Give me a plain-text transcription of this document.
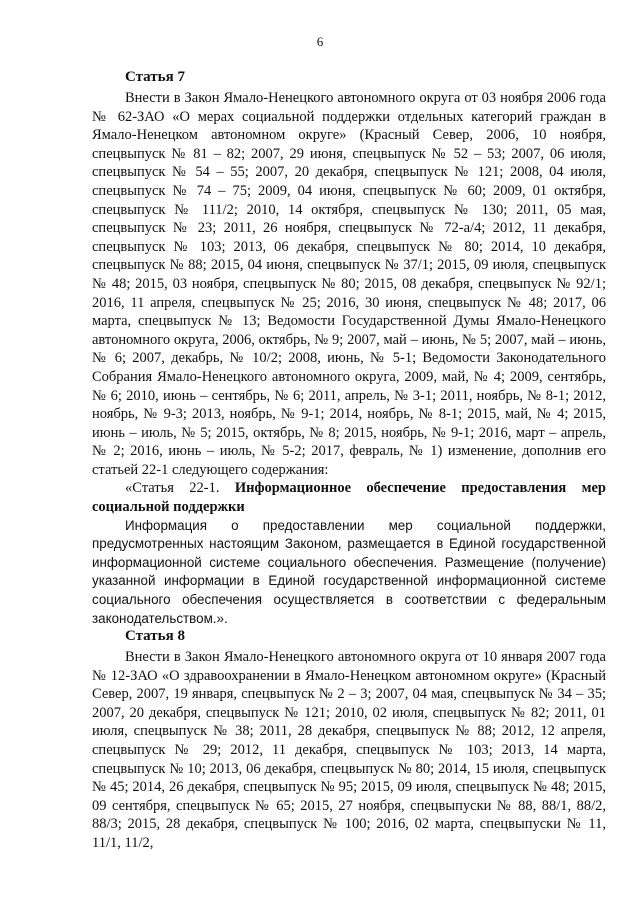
6
Статья 7

Внести в Закон Ямало-Ненецкого автономного округа от 03 ноября 2006 года № 62-ЗАО «О мерах социальной поддержки отдельных категорий граждан в Ямало-Ненецком автономном округе» (Красный Север, 2006, 10 ноября, спецвыпуск № 81 – 82; 2007, 29 июня, спецвыпуск № 52 – 53; 2007, 06 июля, спецвыпуск № 54 – 55; 2007, 20 декабря, спецвыпуск № 121; 2008, 04 июля, спецвыпуск № 74 – 75; 2009, 04 июня, спецвыпуск № 60; 2009, 01 октября, спецвыпуск № 111/2; 2010, 14 октября, спецвыпуск № 130; 2011, 05 мая, спецвыпуск № 23; 2011, 26 ноября, спецвыпуск № 72-а/4; 2012, 11 декабря, спецвыпуск № 103; 2013, 06 декабря, спецвыпуск № 80; 2014, 10 декабря, спецвыпуск № 88; 2015, 04 июня, спецвыпуск № 37/1; 2015, 09 июля, спецвыпуск № 48; 2015, 03 ноября, спецвыпуск № 80; 2015, 08 декабря, спецвыпуск № 92/1; 2016, 11 апреля, спецвыпуск № 25; 2016, 30 июня, спецвыпуск № 48; 2017, 06 марта, спецвыпуск № 13; Ведомости Государственной Думы Ямало-Ненецкого автономного округа, 2006, октябрь, № 9; 2007, май – июнь, № 5; 2007, май – июнь, № 6; 2007, декабрь, № 10/2; 2008, июнь, № 5-1; Ведомости Законодательного Собрания Ямало-Ненецкого автономного округа, 2009, май, № 4; 2009, сентябрь, № 6; 2010, июнь – сентябрь, № 6; 2011, апрель, № 3-1; 2011, ноябрь, № 8-1; 2012, ноябрь, № 9-3; 2013, ноябрь, № 9-1; 2014, ноябрь, № 8-1; 2015, май, № 4; 2015, июнь – июль, № 5; 2015, октябрь, № 8; 2015, ноябрь, № 9-1; 2016, март – апрель, № 2; 2016, июнь – июль, № 5-2; 2017, февраль, № 1) изменение, дополнив его статьей 22-1 следующего содержания:

«Статья 22-1. Информационное обеспечение предоставления мер социальной поддержки

Информация о предоставлении мер социальной поддержки, предусмотренных настоящим Законом, размещается в Единой государственной информационной системе социального обеспечения. Размещение (получение) указанной информации в Единой государственной информационной системе социального обеспечения осуществляется в соответствии с федеральным законодательством.».

Статья 8

Внести в Закон Ямало-Ненецкого автономного округа от 10 января 2007 года № 12-ЗАО «О здравоохранении в Ямало-Ненецком автономном округе» (Красный Север, 2007, 19 января, спецвыпуск № 2 – 3; 2007, 04 мая, спецвыпуск № 34 – 35; 2007, 20 декабря, спецвыпуск № 121; 2010, 02 июля, спецвыпуск № 82; 2011, 01 июля, спецвыпуск № 38; 2011, 28 декабря, спецвыпуск № 88; 2012, 12 апреля, спецвыпуск № 29; 2012, 11 декабря, спецвыпуск № 103; 2013, 14 марта, спецвыпуск № 10; 2013, 06 декабря, спецвыпуск № 80; 2014, 15 июля, спецвыпуск № 45; 2014, 26 декабря, спецвыпуск № 95; 2015, 09 июля, спецвыпуск № 48; 2015, 09 сентября, спецвыпуск № 65; 2015, 27 ноября, спецвыпуски № 88, 88/1, 88/2, 88/3; 2015, 28 декабря, спецвыпуск № 100; 2016, 02 марта, спецвыпуски № 11, 11/1, 11/2,
